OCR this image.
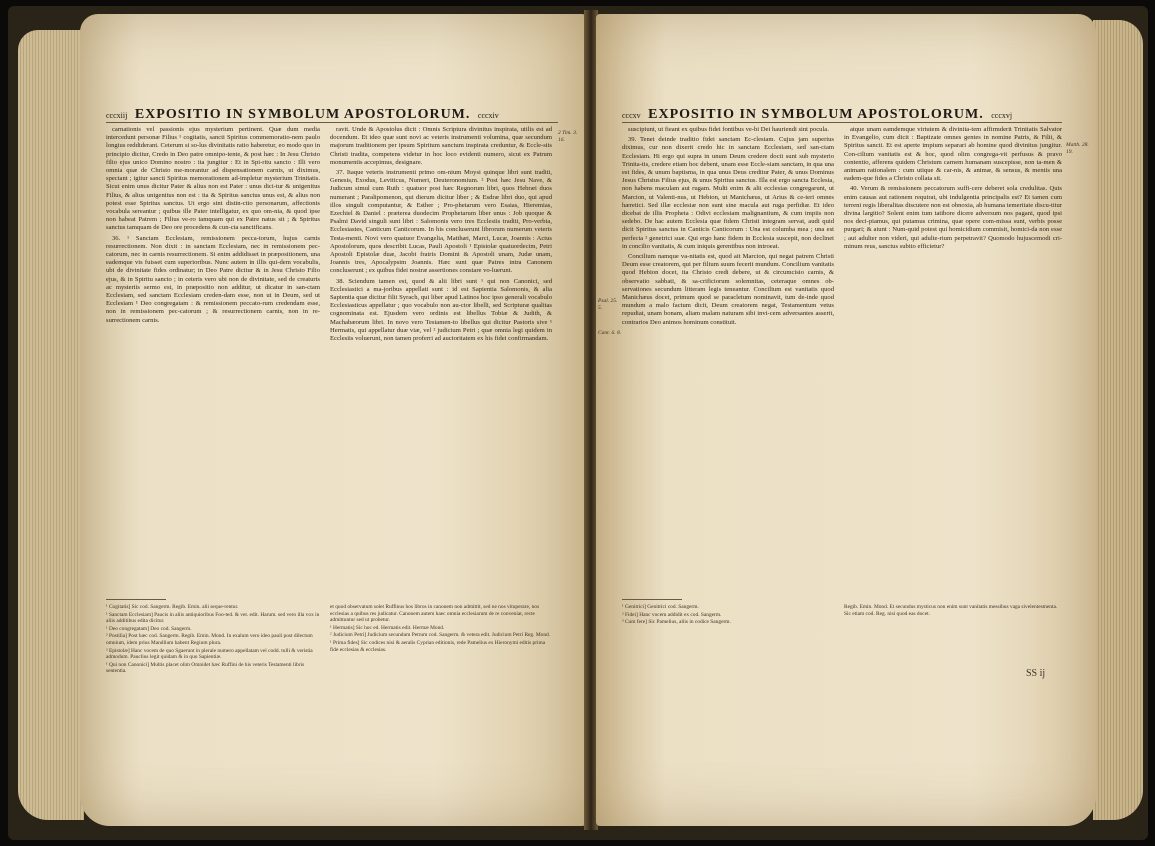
cccxiij EXPOSITIO IN SYMBOLUM APOSTOLORUM. cccxiv

carnationis vel passionis ejus mysterium pertinent. Quæ dum media intercedunt personæ Filius ¹ cogitatis, sancti Spiritus commemoratio-nem paulo longius reddiderant. Ceterum si so-lus divinitatis ratio haberetur, eo modo quo in principio dicitur, Credo in Deo patre omnipo-tente, & post hæc : In Jesu Christo filio ejus unico Domino nostro : ita jungitur : Et in Spi-ritu sancto : Illi vero omnia quæ de Christo me-morantur ad dispensationem carnis, ut diximus, spectant ; igitur sancti Spiritus memorationem ad-impletur mysterium Trinitatis. Sicut enim unus dicitur Pater & alius non est Pater : unus dici-tur & unigenitus Filius, & alius unigenitus non est : ita & Spiritus sanctus unus est, & alius non potest esse Spiritus sanctus. Ut ergo sint distin-ctio personarum, affectionis vocabula sereantur ; quibus ille Pater intelligatur, ex quo om-nia, & quod ipse non habeat Patrem ; Filius ve-ro tamquam qui ex Patre natus sit ; & Spiritus sanctus tamquam de Deo ore procedens & cun-cta sanctificans.

36. ¹ Sanctam Ecclesiam, remissionem pecca-torum, hujus carnis resurrectionem. Non dixit : in sanctam Ecclesiam, nec in remissionem pec-catorum, nec in carnis resurrectionem. Si enim addidisset in præpositionem, una eademque vis fuisset cum superioribus. Nunc autem in illis qui-dem vocabulis, ubi de divinitate fides ordinatur; in Deo Patre dicitur & in Jesu Christo Filio ejus, & in Spiritu sancto ; in ceteris vero ubi non de divinitate, sed de creaturis ac mysteriis sermo est, in præpositio non additur, ut dicatur in san-ctam Ecclesiam, sed sanctam Ecclesiam creden-dam esse, non ut in Deum, sed ut Ecclesiam ¹ Deo congregatam : & remissionem peccato-rum credendam esse, non in remissionem pec-catorum ; & resurrectionem carnis, non in re-surrectionem carnis.

ravit. Unde & Apostolus dicit : Omnis Scriptura divinitus inspirata, utilis est ad docendum. Et ideo quæ sunt novi ac veteris instrumenti volumina, quæ secundum majorum traditionem per ipsum Spiritum sanctum inspirata creduntur, & Eccle-siis Christi tradita, competens videtur in hoc loco evidenti numero, sicut ex Patrum monumentis accepimus, designare.

37. Itaque veteris instrumenti primo om-nium Moysi quinque libri sunt traditi, Genesis, Exodus, Leviticus, Numeri, Deuteronomium. ² Post hæc Jesu Nave, & Judicum simul cum Ruth : quatuor post hæc Regnorum libri, quos Hebræi duos numerant ; Paralipomenon, qui dierum dicitur liber ; & Esdræ libri duo, qui apud illos singuli computantur, & Esther ; Pro-phetarum vero Esaias, Hieremias, Ezechiel & Daniel : præterea duodecim Prophetarum liber unus : Job quoque & Psalmi David singuli sunt libri : Salomonis vero tres Ecclesiis traditi, Pro-verbia, Ecclesiastes, Canticum Canticorum. In his concluserunt librorum numerum veteris Testa-menti. Novi vero quatuor Evangelia, Matthæi, Marci, Lucæ, Joannis : Actus Apostolorum, quos describit Lucas, Pauli Apostoli ¹ Epistolæ quatuordecim, Petri Apostoli Epistolæ duæ, Jacobi fratris Domini & Apostoli unam, Judæ unam, Joannis tres, Apocalypsim Joannis. Hæc sunt quæ Patres intra Canonem concluserunt ; ex quibus fidei nostræ assertiones constare vo-luerunt.

38. Sciendum tamen est, quod & alii libri sunt ¹ qui non Canonici, sed Ecclesiastici a ma-joribus appellati sunt : id est Sapientia Salomonis, & alia Sapientia quæ dicitur filii Syrach, qui liber apud Latinos hoc ipso generali vocabulo Ecclesiasticus appellatur ; quo vocabulo non au-ctor libelli, sed Scripturæ qualitas cognominata est. Ejusdem vero ordinis est libellus Tobiæ & Judith, & Machabæorum libri. In novo vero Testamen-to libellus qui dicitur Pastoris sive ¹ Hermatis, qui appellatur duæ viæ, vel ² judicium Petri ; quæ omnia legi quidem in Ecclesiis voluerunt, non tamen proferri ad auctoritatem ex his fidei confirmandam.

2 Tim. 3. 16.

¹ Cogitatis] Sic cod. Sangerm. Regib. Emin. alii seque-rentur.

¹ Sanctam Ecclesiam] Paucis in aliis antiquioribus Foo-ted. & vet. edit. Harum. sed vero illa vox in aliis additibus edita dicitur.

¹ Deo congregatam] Deo cod. Sangerm.

² Postilia] Post hæc cod. Sangerm. Regib. Emin. Mond. In exalum vero ideo pauli post dilectum omnium, idem prius Mandlium habent Regium plura.

² Epistolæ] Hanc vocem de quo Sgaerunt in plerale numero appellatam vel codd. tulli & veristia admodum. Pauclius legit quidam & in quo Sapientiæ.

¹ Qui non Canonici] Multis placet olim Omnidet hæc Ruffini de his veteris Testamenti libris sententia.

et quod observatum solet Ruffinus hos libros in canonem non admittit, sed ne nos vituperare, nos ecclesias a quibus res judicatur. Canonem autem haec omnia ecclesiarum de re conveniat, recte admittuntur sed ut probetur.

¹ Hermatis] Sic hoc ed. Hermatis edit. Hermæ Mond.

² Judicium Petri] Judicium secundum Petrum cod. Sangerm. & vetera edit. Judicium Petri Reg. Mond.

¹ Prima fides] Sic codices nisi & aeralis Cyprian editionis, rede Pamelius ex Hieronymi editis prima fide ecclesias & ecclesias.

cccxv EXPOSITIO IN SYMBOLUM APOSTOLORUM. cccxvj
Psal. 25. 5.
Cant. 6. 8.
Matth. 28. 19.

suscipiunt, ut fieant ex quibus fidei fontibus ve-bi Dei hauriendi sint pocula.

39. Tenet deinde traditio fidei sanctam Ec-clesiam. Cujus jam superius diximus, cur non dixerit credo hic in sanctam Ecclesiam, sed san-ctam Ecclesiam. Hi ergo qui supra in unum Deum credere docti sunt sub mysterio Trinita-tis, credere etiam hoc debent, unam esse Eccle-siam sanctam, in qua una est fides, & unum baptisma, in qua unus Deus creditur Pater, & unus Dominus Jesus Christus Filius ejus, & unus Spiritus sanctus. Illa est ergo sancta Ecclesia, non habens maculam aut rugam. Multi enim & alii ecclesias congregarunt, ut Marcion, ut Valenti-nus, ut Hebion, ut Manichæus, ut Arius & ce-teri omnes hæretici. Sed illæ ecclesiæ non sunt sine macula aut ruga perfidiæ. Et ideo dicebat de illis Propheta : Odivi ecclesiam malignantium, & cum impiis non sedebo. De hac autem Ecclesia quæ fidem Christi integram servat, audi quid dicit Spiritus sanctus in Canticis Canticorum : Una est columba mea ; una est perfecta ² genetrici suæ. Qui ergo hanc fidem in Ecclesia suscepit, non declinet in concilio vanitatis, & cum iniquis gerentibus non introeat.

Concilium namque va-nitatis est, quod ait Marcion, qui negat patrem Christi Deum esse creatorem, qui per filium suum fecerit mundum. Concilium vanitatis quod Hebion docet, ita Christo credi debere, ut & circumcisio carnis, & observatio sabbati, & sa-crificiorum solemnitas, ceteraque omnes ob-servationes secundum litteram legis teneantur. Concilium est vanitatis quod Manichæus docet, primum quod se paracletum nominavit, tum de-inde quod mundum a malo factum dicit, Deum creatorem negat, Testamentum vetus repudiat, unam bonam, aliam malam naturam sibi invi-cem adversantes asserit, contrarios Deo animos hominum constituit.

atque unam eamdemque virtutem & divinita-tem affirmderit Trinitatis Salvator in Evangelio, cum dicit : Baptizate omnes gentes in nomine Patris, & Filii, & Spiritus sancti. Et est aperte impium separari ab homine quod divinitus jungitur. Con-cilium vanitatis est & hoc, quod olim congrega-vit perfusus & pravo contentio, afferens quidem Christum carnem humanam suscepisse, non ta-men & animam rationalem : cum utique & car-nis, & animæ, & sensus, & mentis una eadem-que fides a Christo collata sit.

40. Verum & remissionem peccatorum suffi-cere deberet sola credulitas. Quis enim causas aut rationem requirat, ubi indulgentia principalis est? Et tamen cum terreni regis liberalitas discutere non est obnoxia, ab humana temeritate discu-titur divina largitio? Solent enim tum tatibore dicere adversum nos pagani, quod ipsi nos deci-piamus, qui putamus crimina, quæ opere com-missa sunt, verbis posse purgari; & aiunt : Num-quid potest qui homicidium commisit, homici-da non esse ; aut adulter non videri, qui adulte-rium perpetravit? Quomodo hujuscemodi cri-minum reus, sanctus subito efficietur?

¹ Genitrici] Genitrici cod. Sangerm.

² Fidei] Hanc vocem addidit ex cod. Sangerm.

³ Cum fere] Sic Pamelius, aliis in codice Sangerm.

Regib. Emin. Mond. Et secundus mysticus non enim sunt vanitatis messibus vaga sivelentesmenta. Sic etiam cod. Reg. nisi quod eas docet.

SS ij
